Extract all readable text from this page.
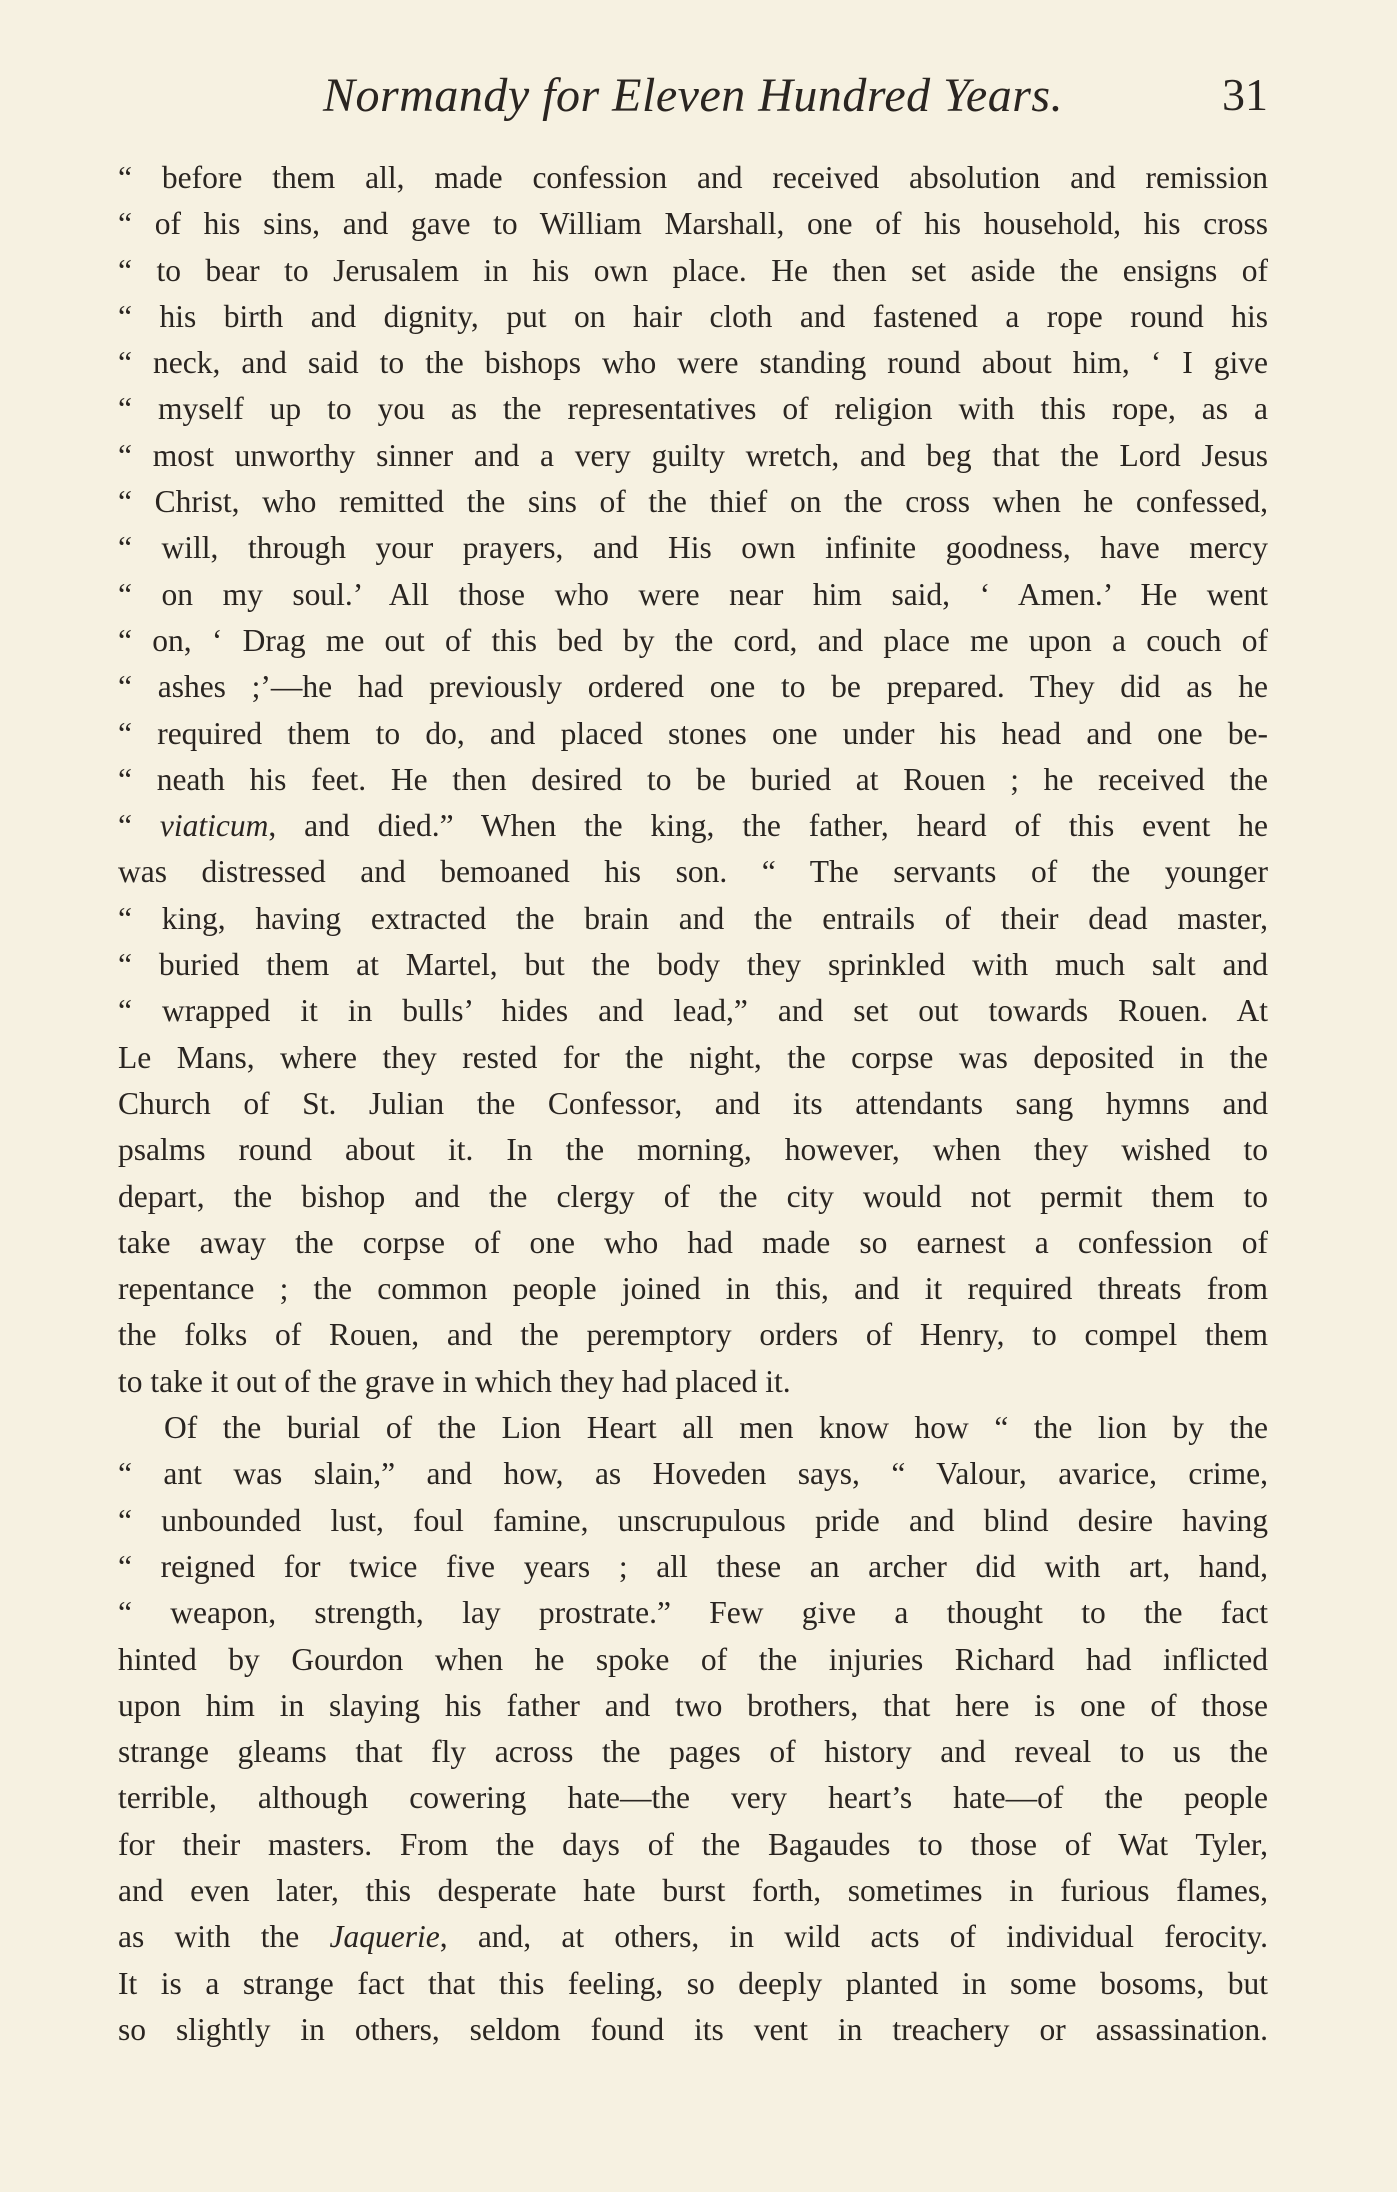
Normandy for Eleven Hundred Years.	31
“ before them all, made confession and received absolution and remission
“ of his sins, and gave to William Marshall, one of his household, his cross
“ to bear to Jerusalem in his own place. He then set aside the ensigns of
“ his birth and dignity, put on hair cloth and fastened a rope round his
“ neck, and said to the bishops who were standing round about him, ‘ I give
“ myself up to you as the representatives of religion with this rope, as a
“ most unworthy sinner and a very guilty wretch, and beg that the Lord Jesus
“ Christ, who remitted the sins of the thief on the cross when he confessed,
“ will, through your prayers, and His own infinite goodness, have mercy
“ on my soul.’ All those who were near him said, ‘ Amen.’ He went
“ on, ‘ Drag me out of this bed by the cord, and place me upon a couch of
“ ashes ;’—he had previously ordered one to be prepared. They did as he
“ required them to do, and placed stones one under his head and one be-
“ neath his feet. He then desired to be buried at Rouen ; he received the
“ viaticum, and died.” When the king, the father, heard of this event he
was distressed and bemoaned his son. “ The servants of the younger
“ king, having extracted the brain and the entrails of their dead master,
“ buried them at Martel, but the body they sprinkled with much salt and
“ wrapped it in bulls’ hides and lead,” and set out towards Rouen. At
Le Mans, where they rested for the night, the corpse was deposited in the
Church of St. Julian the Confessor, and its attendants sang hymns and
psalms round about it. In the morning, however, when they wished to
depart, the bishop and the clergy of the city would not permit them to
take away the corpse of one who had made so earnest a confession of
repentance ; the common people joined in this, and it required threats from
the folks of Rouen, and the peremptory orders of Henry, to compel them
to take it out of the grave in which they had placed it.
Of the burial of the Lion Heart all men know how “ the lion by the
“ ant was slain,” and how, as Hoveden says, “ Valour, avarice, crime,
“ unbounded lust, foul famine, unscrupulous pride and blind desire having
“ reigned for twice five years ; all these an archer did with art, hand,
“ weapon, strength, lay prostrate.” Few give a thought to the fact
hinted by Gourdon when he spoke of the injuries Richard had inflicted
upon him in slaying his father and two brothers, that here is one of those
strange gleams that fly across the pages of history and reveal to us the
terrible, although cowering hate—the very heart’s hate—of the people
for their masters. From the days of the Bagaudes to those of Wat Tyler,
and even later, this desperate hate burst forth, sometimes in furious flames,
as with the Jaquerie, and, at others, in wild acts of individual ferocity.
It is a strange fact that this feeling, so deeply planted in some bosoms, but
so slightly in others, seldom found its vent in treachery or assassination.
